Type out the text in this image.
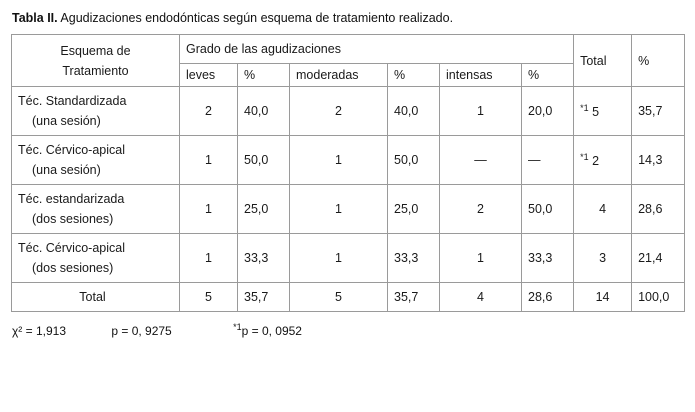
Tabla II. Agudizaciones endodónticas según esquema de tratamiento realizado.
Esquema de
Tratamiento	Grado de las agudizaciones						Total	%
	leves	%	moderadas	%	intensas	%		
Téc. Standardizada
(una sesión)	2	40,0	2	40,0	1	20,0	$^{*1}$ 5	35,7
Téc. Cérvico-apical
(una sesión)	1	50,0	1	50,0	—	—	$^{*1}$ 2	14,3
Téc. estandarizada
(dos sesiones)	1	25,0	1	25,0	2	50,0	4	28,6
Téc. Cérvico-apical
(dos sesiones)	1	33,3	1	33,3	1	33,3	3	21,4
Total	5	35,7	5	35,7	4	28,6	14	100,0
χ² = 1,913	p = 0, 9275	$^{*1}$p = 0, 0952
